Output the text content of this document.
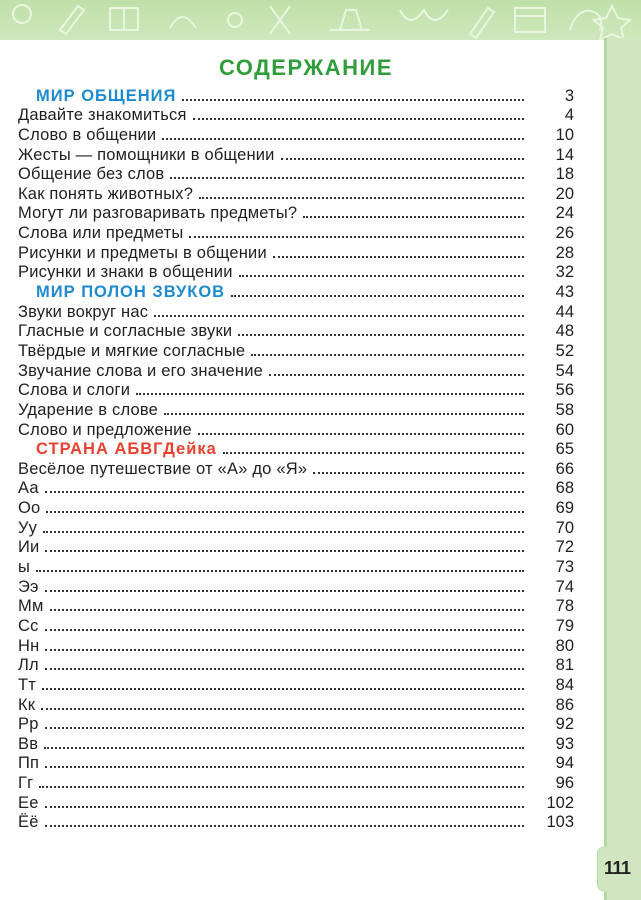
111
СОДЕРЖАНИЕ
МИР ОБЩЕНИЯ	3
Давайте знакомиться	4
Слово в общении	10
Жесты — помощники в общении	14
Общение без слов	18
Как понять животных?	20
Могут ли разговаривать предметы?	24
Слова или предметы	26
Рисунки и предметы в общении	28
Рисунки и знаки в общении	32
МИР ПОЛОН ЗВУКОВ	43
Звуки вокруг нас	44
Гласные и согласные звуки	48
Твёрдые и мягкие согласные	52
Звучание слова и его значение	54
Слова и слоги	56
Ударение в слове	58
Слово и предложение	60
СТРАНА АБВГДейка	65
Весёлое путешествие от «А» до «Я»	66
Аа	68
Оо	69
Уу	70
Ии	72
ы	73
Ээ	74
Мм	78
Сс	79
Нн	80
Лл	81
Тт	84
Кк	86
Рр	92
Вв	93
Пп	94
Гг	96
Ее	102
Ёё	103
